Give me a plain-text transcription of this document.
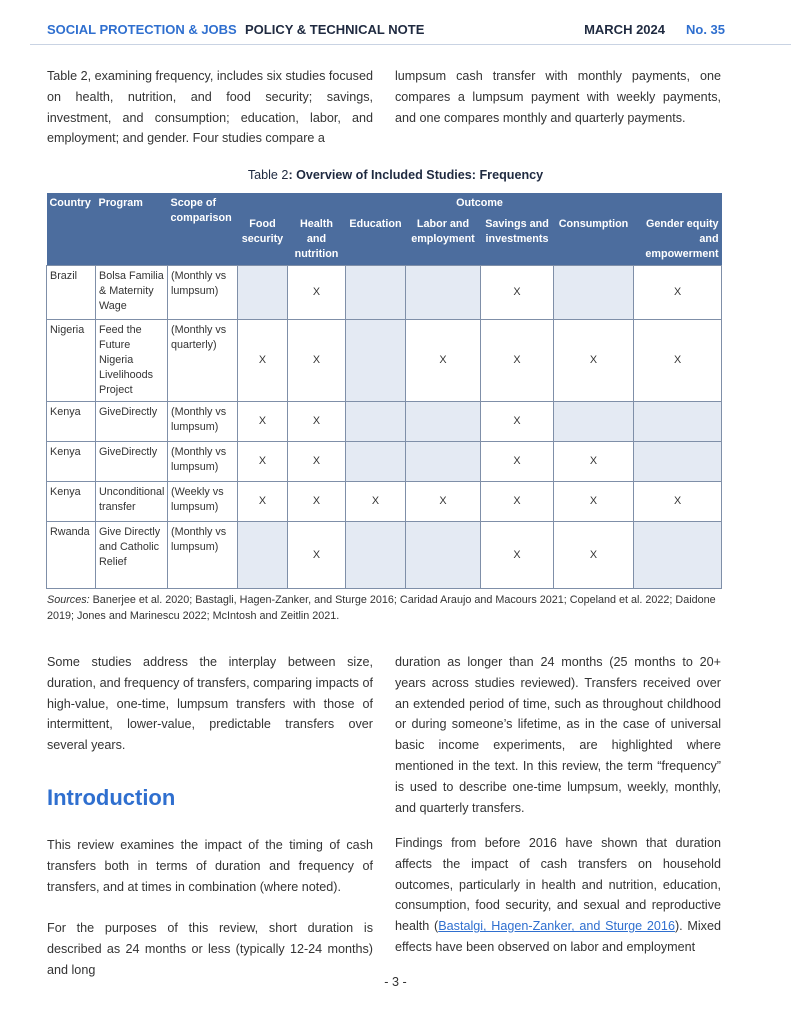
SOCIAL PROTECTION & JOBS POLICY & TECHNICAL NOTE	MARCH 2024 No. 35

Table 2, examining frequency, includes six studies focused on health, nutrition, and food security; savings, investment, and consumption; education, labor, and employment; and gender. Four studies compare a

lumpsum cash transfer with monthly payments, one compares a lumpsum payment with weekly payments, and one compares monthly and quarterly payments.

Table 2: Overview of Included Studies: Frequency
Country	Program	Scope of comparison	Outcome						
			Food security	Health and nutrition	Education	Labor and employment	Savings and investments	Consumption	Gender equity and empowerment
Brazil	Bolsa Familia & Maternity Wage	(Monthly vs lumpsum)		X			X		X
Nigeria	Feed the Future Nigeria Livelihoods Project	(Monthly vs quarterly)	X	X		X	X	X	X
Kenya	GiveDirectly	(Monthly vs lumpsum)	X	X			X		
Kenya	GiveDirectly	(Monthly vs lumpsum)	X	X			X	X	
Kenya	Unconditional transfer	(Weekly vs lumpsum)	X	X	X	X	X	X	X
Rwanda	Give Directly and Catholic Relief	(Monthly vs lumpsum)		X			X	X	
Sources: Banerjee et al. 2020; Bastagli, Hagen-Zanker, and Sturge 2016; Caridad Araujo and Macours 2021; Copeland et al. 2022; Daidone 2019; Jones and Marinescu 2022; McIntosh and Zeitlin 2021.

Some studies address the interplay between size, duration, and frequency of transfers, comparing impacts of high-value, one-time, lumpsum transfers with those of intermittent, lower-value, predictable transfers over several years.

Introduction

This review examines the impact of the timing of cash transfers both in terms of duration and frequency of transfers, and at times in combination (where noted).

For the purposes of this review, short duration is described as 24 months or less (typically 12-24 months) and long

duration as longer than 24 months (25 months to 20+ years across studies reviewed). Transfers received over an extended period of time, such as throughout childhood or during someone’s lifetime, as in the case of universal basic income experiments, are highlighted where mentioned in the text. In this review, the term “frequency” is used to describe one-time lumpsum, weekly, monthly, and quarterly transfers.

Findings from before 2016 have shown that duration affects the impact of cash transfers on household outcomes, particularly in health and nutrition, education, consumption, food security, and sexual and reproductive health (Bastalgi, Hagen-Zanker, and Sturge 2016). Mixed effects have been observed on labor and employment

- 3 -
